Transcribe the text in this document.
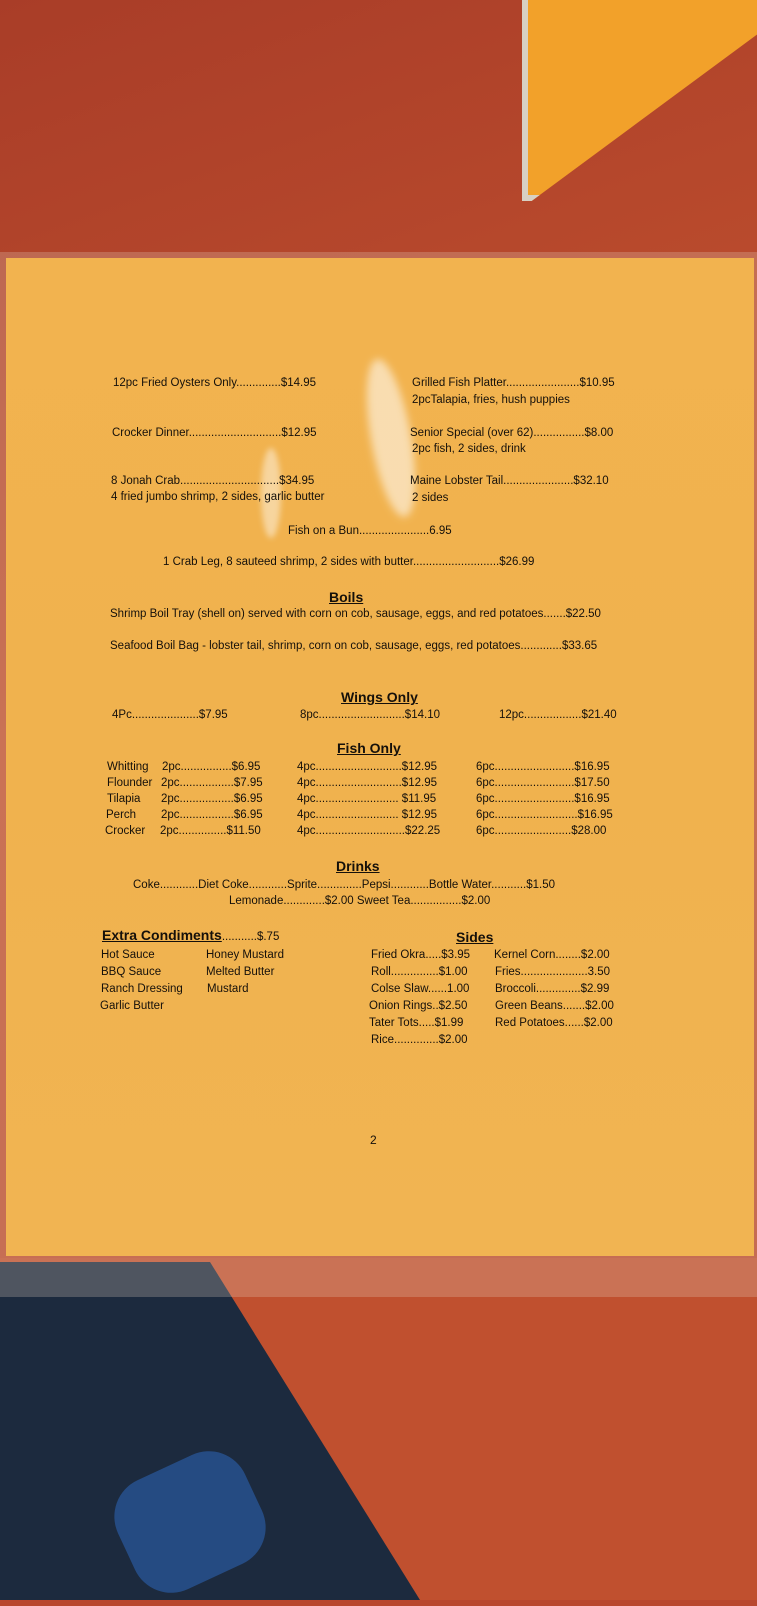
12pc Fried Oysters Only..............$14.95
Crocker Dinner.............................$12.95
8 Jonah Crab...............................$34.95
4 fried jumbo shrimp, 2 sides, garlic butter
Grilled Fish Platter.......................$10.95
2pcTalapia, fries, hush puppies
Senior Special (over 62)................$8.00
2pc fish, 2 sides, drink
Maine Lobster Tail......................$32.10
2 sides
Fish on a Bun......................6.95
1 Crab Leg, 8 sauteed shrimp, 2 sides with butter...........................$26.99
Boils
Shrimp Boil Tray (shell on) served with corn on cob, sausage, eggs, and red potatoes.......$22.50
Seafood Boil Bag - lobster tail, shrimp, corn on cob, sausage, eggs, red potatoes.............$33.65
Wings Only
4Pc.....................$7.95	8pc...........................$14.10	12pc..................$21.40
Fish Only
Whitting 2pc................$6.95	4pc...........................$12.95	6pc.........................$16.95
Flounder 2pc.................$7.95	4pc...........................$12.95	6pc.........................$17.50
Tilapia 2pc.................$6.95	4pc.......................... $11.95	6pc.........................$16.95
Perch 2pc.................$6.95	4pc.......................... $12.95	6pc..........................$16.95
Crocker 2pc...............$11.50	4pc............................$22.25	6pc........................$28.00
Drinks
Coke............Diet Coke............Sprite..............Pepsi............Bottle Water...........$1.50
Lemonade.............$2.00 Sweet Tea................$2.00
Extra Condiments...........$.75
Hot Sauce
BBQ Sauce
Ranch Dressing
Garlic Butter
Honey Mustard
Melted Butter
Mustard
Sides
Fried Okra.....$3.95
Roll...............$1.00
Colse Slaw......1.00
Onion Rings..$2.50
Tater Tots.....$1.99
Rice..............$2.00
Kernel Corn........$2.00
Fries.....................3.50
Broccoli..............$2.99
Green Beans.......$2.00
Red Potatoes......$2.00
2
